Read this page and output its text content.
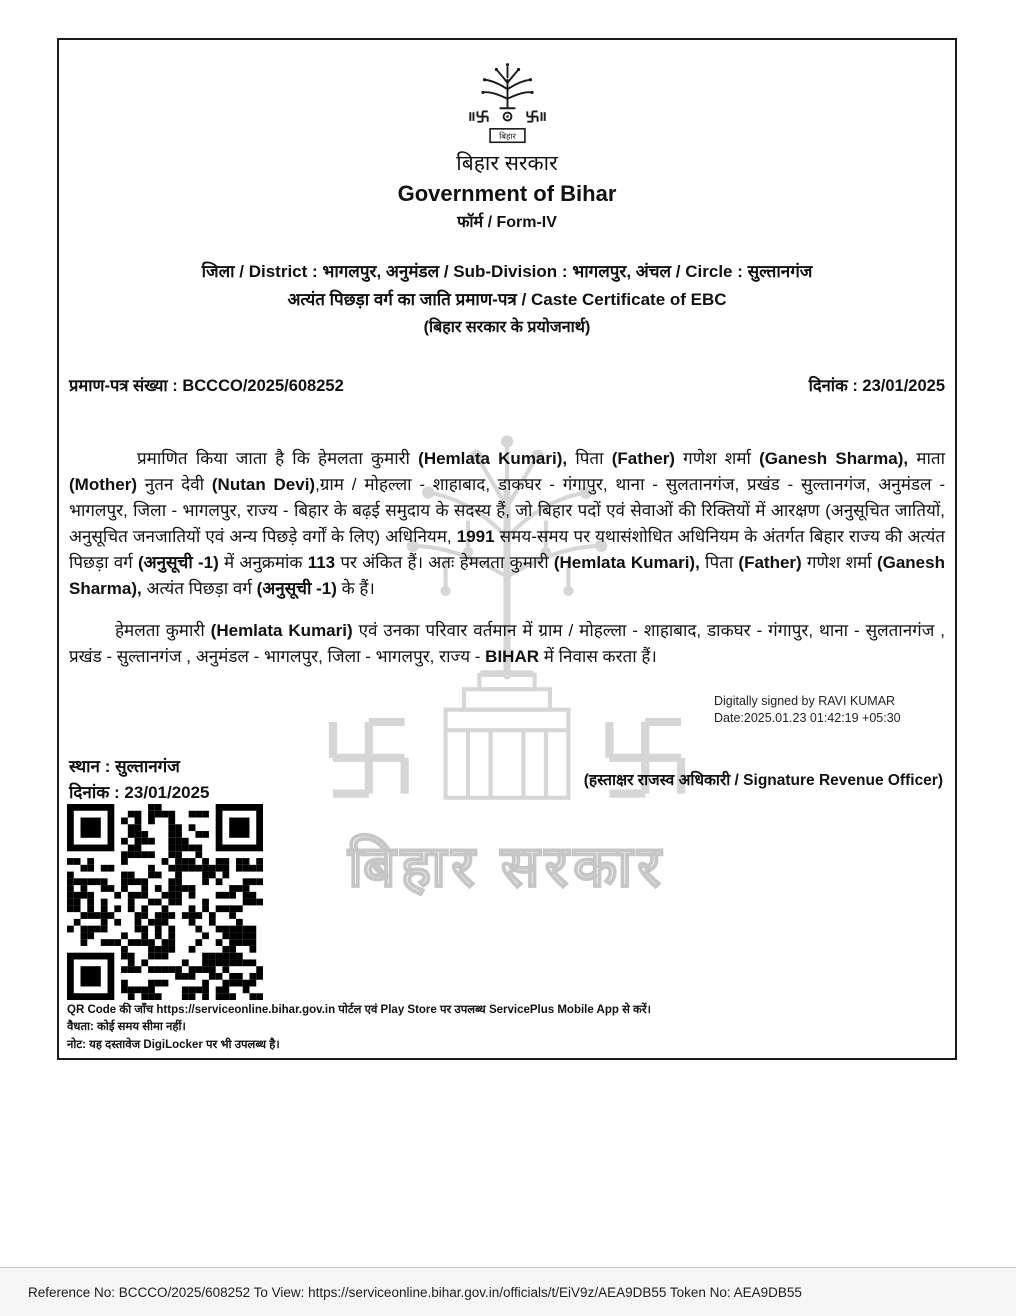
बिहार सरकार
बिहार
बिहार सरकार
Government of Bihar
फॉर्म / Form-IV
जिला / District : भागलपुर, अनुमंडल / Sub-Division : भागलपुर, अंचल / Circle : सुल्तानगंज
अत्यंत पिछड़ा वर्ग का जाति प्रमाण-पत्र / Caste Certificate of EBC
(बिहार सरकार के प्रयोजनार्थ)
प्रमाण-पत्र संख्या : BCCCO/2025/608252	दिनांक : 23/01/2025

प्रमाणित किया जाता है कि हेमलता कुमारी (Hemlata Kumari), पिता (Father) गणेश शर्मा (Ganesh Sharma), माता (Mother) नुतन देवी (Nutan Devi),ग्राम / मोहल्ला - शाहाबाद, डाकघर - गंगापुर, थाना - सुलतानगंज, प्रखंड - सुल्तानगंज, अनुमंडल - भागलपुर, जिला - भागलपुर, राज्य - बिहार के बढ़ई समुदाय के सदस्य हैं, जो बिहार पदों एवं सेवाओं की रिक्तियों में आरक्षण (अनुसूचित जातियों, अनुसूचित जनजातियों एवं अन्य पिछड़े वर्गों के लिए) अधिनियम, 1991 समय-समय पर यथासंशोधित अधिनियम के अंतर्गत बिहार राज्य की अत्यंत पिछड़ा वर्ग (अनुसूची -1) में अनुक्रमांक 113 पर अंकित हैं। अतः हेमलता कुमारी (Hemlata Kumari), पिता (Father) गणेश शर्मा (Ganesh Sharma), अत्यंत पिछड़ा वर्ग (अनुसूची -1) के हैं।

हेमलता कुमारी (Hemlata Kumari) एवं उनका परिवार वर्तमान में ग्राम / मोहल्ला - शाहाबाद, डाकघर - गंगापुर, थाना - सुलतानगंज , प्रखंड - सुल्तानगंज , अनुमंडल - भागलपुर, जिला - भागलपुर, राज्य - BIHAR में निवास करता हैं।

Digitally signed by RAVI KUMAR
Date:2025.01.23 01:42:19 +05:30
स्थान : सुल्तानगंज
दिनांक : 23/01/2025
(हस्ताक्षर राजस्व अधिकारी / Signature Revenue Officer)
QR Code की जाँच https://serviceonline.bihar.gov.in पोर्टल एवं Play Store पर उपलब्ध ServicePlus Mobile App से करें।
वैधता: कोई समय सीमा नहीं।
नोट: यह दस्तावेज DigiLocker पर भी उपलब्ध है।
Reference No: BCCCO/2025/608252 To View: https://serviceonline.bihar.gov.in/officials/t/EiV9z/AEA9DB55 Token No: AEA9DB55
